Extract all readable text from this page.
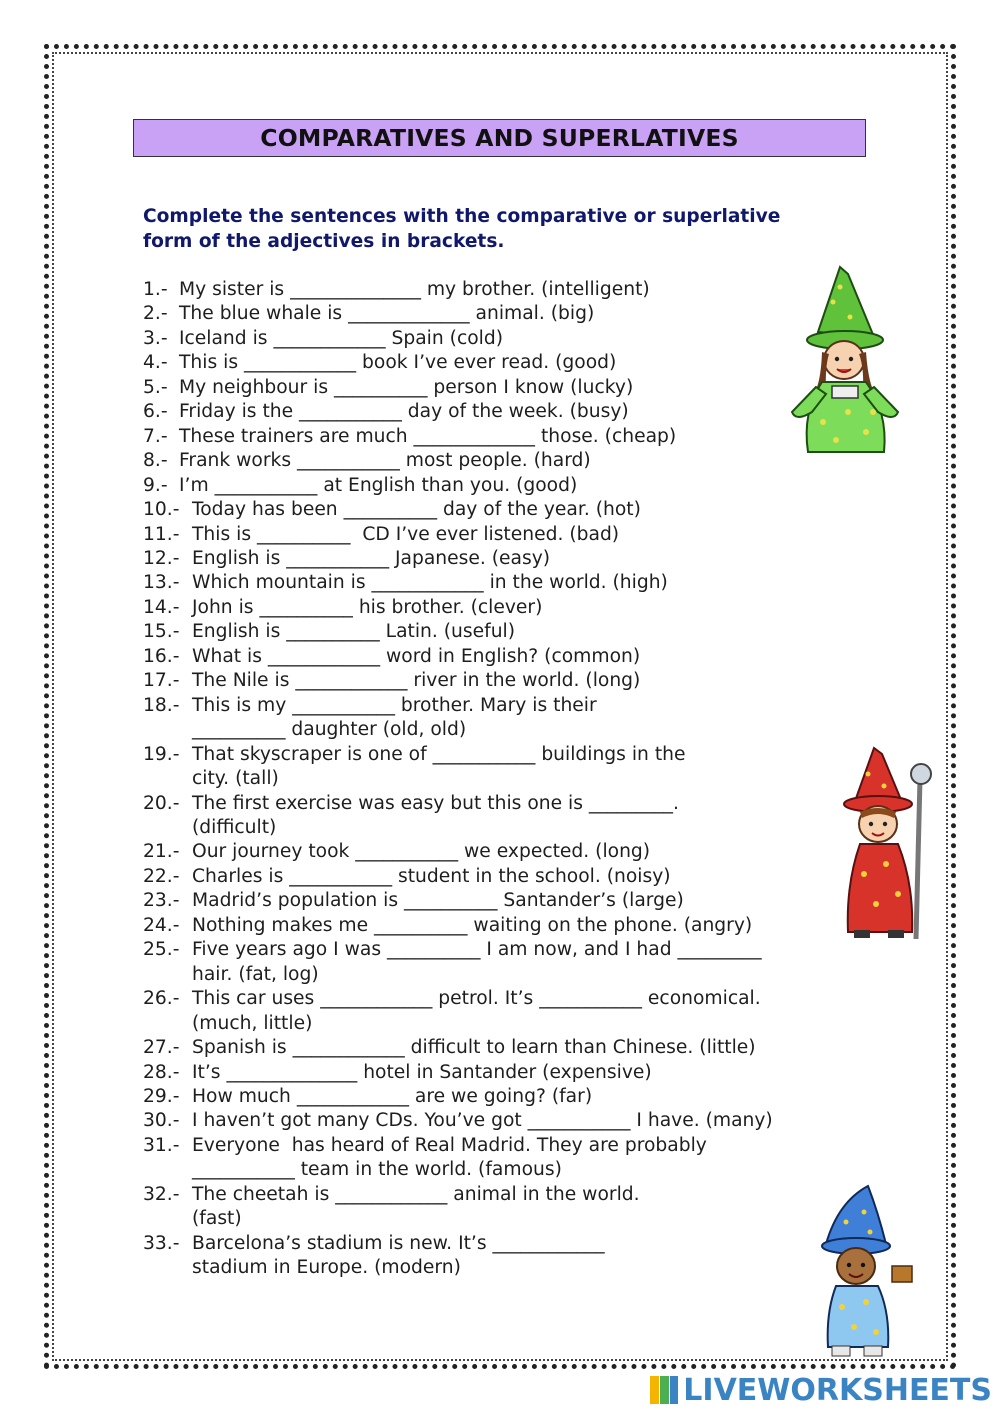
COMPARATIVES AND SUPERLATIVES
Complete the sentences with the comparative or superlative
form of the adjectives in brackets.
1.- My sister is ______________ my brother. (intelligent)
2.- The blue whale is _____________ animal. (big)
3.- Iceland is ____________ Spain (cold)
4.- This is ____________ book I’ve ever read. (good)
5.- My neighbour is __________ person I know (lucky)
6.- Friday is the ___________ day of the week. (busy)
7.- These trainers are much _____________ those. (cheap)
8.- Frank works ___________ most people. (hard)
9.- I’m ___________ at English than you. (good)
10.- Today has been __________ day of the year. (hot)
11.- This is __________  CD I’ve ever listened. (bad)
12.- English is ___________ Japanese. (easy)
13.- Which mountain is ____________ in the world. (high)
14.- John is __________ his brother. (clever)
15.- English is __________ Latin. (useful)
16.- What is ____________ word in English? (common)
17.- The Nile is ____________ river in the world. (long)
18.- This is my ___________ brother. Mary is their
__________ daughter (old, old)
19.- That skyscraper is one of ___________ buildings in the
city. (tall)
20.- The first exercise was easy but this one is _________.
(difficult)
21.- Our journey took ___________ we expected. (long)
22.- Charles is ___________ student in the school. (noisy)
23.- Madrid’s population is __________ Santander’s (large)
24.- Nothing makes me __________ waiting on the phone. (angry)
25.- Five years ago I was __________ I am now, and I had _________
hair. (fat, log)
26.- This car uses ____________ petrol. It’s ___________ economical.
(much, little)
27.- Spanish is ____________ difficult to learn than Chinese. (little)
28.- It’s ______________ hotel in Santander (expensive)
29.- How much ____________ are we going? (far)
30.- I haven’t got many CDs. You’ve got ___________ I have. (many)
31.- Everyone  has heard of Real Madrid. They are probably
___________ team in the world. (famous)
32.- The cheetah is ____________ animal in the world.
(fast)
33.- Barcelona’s stadium is new. It’s ____________
stadium in Europe. (modern)
LIVEWORKSHEETS
